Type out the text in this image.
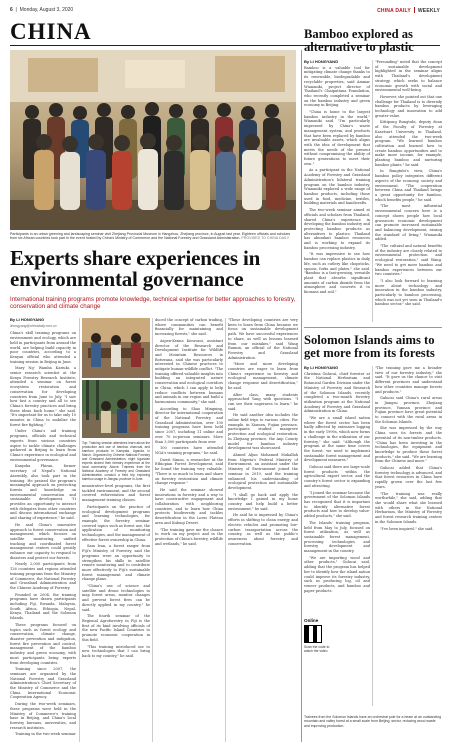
6  |  Monday, August 3, 2020	CHINA DAILY WEEKLY
CHINA
Participants in an urban greening and landscaping seminar visit Zhejiang Provincial Museum in Hangzhou, Zhejiang province, in August last year. Eighteen officials and scholars from six African countries took part in the event hosted by China's Ministry of Commerce and the National Forestry and Grassland Administration. PROVIDED TO CHINA DAILY
Experts share experiences in environmental governance
International training programs promote knowledge, technical expertise for better approaches to forestry, conservation and climate change
By LI HONGYANG
lihongyang@chinadaily.com.cn

China's skill training programs on environment and ecology, which are held in participants from around the world, are helping build capacity in poor countries, according to a Kenyan official who attended a training session in Beijing in June.

Mary Ng' Wamba Kariuki, a senior research scientist at the Kenya Forestry Research Institute, attended a seminar on forest ecosystem restoration and conservation for developing countries from June to July. "I saw how fast a country and all to see China's forestry practices and bring these ideas back home," she said. "It's important for us to take only 10 minutes in China to mobilize the forest fire fighting."

Under China's aid training programs, officials and technical experts from various countries aspire to tackle climate challenges gathered in Beijing to learn from China's experience in ecological and environmental governance.

Kanyeka Phiran, former secretary of Nepal's National Assembly, also took part in the training. He praised the program's meaningful approach on protecting forests and knowledge on environmental conservation and sustainable development. "It provides an opportunity to interact with delegates from other countries and discuss international exchange and sharing of experience," he said.

He said China's innovative approach to forest conservation and management, which focuses on satellite monitoring, unified tracking and coordinated forest management centers could greatly enhance our capacity to respond to disasters and protect our forests.

Nearly 2,000 participants from 126 countries and regions attended training programs from the Ministry of Commerce, the National Forestry and Grassland Administration and the Chinese Academy of Forestry.

Founded in 2004, the training programs have drawn participants including Fiji, Rwanda, Malaysia, South Africa, Ethiopia, Nepal, Kenya, Thailand and the Solomon Islands.

These programs focused on topics such as forest ecology and conservation, climate change, disaster prevention and mitigation, forest fire prevention and control, management of the bamboo industry and green economy, with most participants being experts from developing countries.

Training since 2007, the seminars are organized by the National Forestry and Grassland Administration's Chief Secretary of the Ministry of Commerce and the China International Economic Cooperation Agency.

During the two-week seminars, these programs were held in the Ministry of Commerce's training base in Beijing, and China's local forestry bureaus, universities, and research institutes.

Training in the two-week seminar

Top: Training session attendees learn about the production and use of bamboo charcoal, and bamboo products in Kampala, Uganda, in March. Organized by Chinese National Forestry and Grassland Administration, eight Ugandan experts shared their forestry experience at the local community. Above: Trainees from the National Academy of Forestry and Grassland Administration conduct a field trip exploring bamboo usage in Jiangsu province in June.

ministrative-level programs, the first tackled environment, and the second covered reforestation and forest management training classes.

Participants on the practice of ecological development programs and learning technologies, for example, the forestry seminar covered topics such as forest use, the application of monitoring technologies, and the management of effective forest ownership in China.

Sam Ivan, a forest ranger from Fiji's Ministry of Forestry, said the programs were an opportunity to strengthen his skills in satellite remote monitoring and to contribute more effectively to Fiji's sustainable forest management and climate change plans.

"China's use of science and satellite and drone technologies to map forest areas, monitor changes and prevent forest fires can be directly applied in my country," he said.

The fourth seminar of the Regional Agroforestry in Fiji is the first of its kind involving officials of the new Pacific Island Countries to promote economic cooperation in this field.

"This training introduced me to new technologies that I can bring back to my country," he said.

duced the concept of carbon trading, where communities can benefit financially for maintaining and increasing forests," she said.

Aspen-Kenna Keravani, assistant director of the Research and Development Institute for Wildlife and Mountain Resources in Botswana, said she was particularly interested in Chinese practices to mitigate human-wildlife conflict. "The training offered valuable insights into building an integrated nature conservation and ecological corridors in China, which I can apply to help reduce conflicts between humans and animals in our region and build a harmonious community," she said.

According to Shao Mingxing, director for international cooperation of the National Forestry and Grassland Administration, over 100 training programs have been held since 2007, including 11 online and over 70 in-person seminars. More than 3,000 participants from over

100 countries have attended NGA's training programs," he said.

Dawit Simon, a researcher at the Ethiopian Forest Development, said he found the training very valuable. "There is so much to learn and share on forestry restoration and climate change response."

He said the seminar showed innovations in forestry and a way to have constructive engagement and collaboration with neighboring countries, and to learn how China protects biodiversity and tackles desertification in the Loess Plateau area and Kubuqi Desert.

"The training gave me the chance to work on my project and in the protection of China's forestry, wildlife and wetlands," he said.

"These developing countries are very keen to learn from China because we focus on sustainable development path. We have successful experiences to share, as well as lessons learned from our mistakes," said Wang Ruimin, an official of the National Forestry and Grassland Administration.

"More and more developing countries are eager to learn from China's experience in forestry and ecological management, climate change response and desertification," he said.

After class, many students approached Yang with questions. "I can see their eagerness to learn," he said.

He said another idea includes the online field trips to various cities. For example, in Xiamen, Fujian province, participants studied mangrove protection and ecological restoration. In Zhejiang province, the Anji County model for bamboo industry development was showcased.

Ahmed Aljun Mohamed Mukallah from Nigeria's Federal Ministry of Environment, an assistant under the Ministry of Environment joined the seminar in 2019, said the training enhanced his understanding of ecological protection and sustainable development.

"I shall go back and apply the knowledge I gained in my home country and help build a better environment," he said.

He said he is impressed by China's efforts in shifting to clean energy and electric vehicles and promoting low-carbon transportation across the country, as well as the public's awareness about forestry and conservation.

Bamboo explored as alternative to plastic
By LI HONGYANG

Bamboo is a valuable tool for mitigating climate change thanks to its renewable, biodegradable and recyclable properties, said Ammar Wiananiki, project director of Thailand's Chaipattana Foundation, who recently completed a seminar on the bamboo industry and green economy in Beijing.

"China is home to the largest bamboo industry in the world," Wiananiki said. "I'm particularly impressed by China's waste management system, and products that have been replaced by bamboo are invaluable assets, which aligns with the idea of development that meets the needs of the present without compromising the ability of future generations to meet their own."

As a participant in the National Academy of Forestry and Grassland Administration's bilateral training program on the bamboo industry, Wiananiki explored a wide range of bamboo products, including those used in food, medicine, textiles, building materials and handicrafts.

The two-week seminar aimed at officials and scholars from Thailand, shared China's experience in developing the bamboo industry and protecting bamboo products as alternatives to plastics. Thailand has abundant bamboo resources and is working to expand its bamboo processing industry.

"It was impressive to see how bamboo can replace plastics in daily life, such as cutlery like chopsticks, spoons, forks and plates," she said. "Bamboo is a fast-growing, versatile plant that absorbs significant amounts of carbon dioxide from the atmosphere and converts it to biomass and soil."

"Persuading" noted that the concept of sustainable development highlighted in the seminar aligns with Thailand's development strategy, which seeks to balance economic growth with social and environmental well-being.

However, she pointed out that one challenge for Thailand is to diversify bamboo products by leveraging technology and innovation to add greater value.

Kittipong Rungtubi, deputy dean of the Faculty of Forestry at Kasetsart University in Thailand, also attended the two-week program. "We learned bamboo cultivation and learned how to create bamboo opportunities and to make more income, for example, planting bamboo and nurturing bamboo plants," he said.

In Rungtubi's view, China's bamboo policy integrates different aspects of the economy, society and environment. "The cooperation between China and Thailand brings a great opportunity for bamboo, which benefits people," he said.

"The most influential environmental concern here is a concept shows people how local grassroots economic development can promote increased sustainable and balancing development, raising the standard of living," Wiananiki added.

"The cultural and natural benefits of the industry are closely related to environmental protection and ecological restoration," said Wang. "We need to get more bamboo and bamboo experiences between our two countries."

"I also look forward to learning more about technology and innovation in the bamboo industry, particularly to bamboo processing, which was not yet seen in Thailand's bamboo sector," she said.

Solomon Islands aims to get more from its forests
By LI HONGYANG

Christina Gulucai, chief forester at the National Herbarium and Botanical Garden Division under the Ministry of Forestry and Research of the Solomon Islands, recently completed a two-month forestry utilization program at the National Academy of Forestry and Grassland Administration in China.

"We are a small island nation where the forest sector has been badly affected by extensive logging in the early 1990s, which now forms a challenge in the utilization of our forestry," she said. "Although the program at the same time covers the forest, we need to implement sustainable forest management and development measures."

Gulucai said there are large-scale forest products within the agricultural export sector, and the country's forest sector is expanding and attracting.

"I joined the seminar because the government of the Solomon Islands has recognized that it is important to identify alternative forest products and how to develop value-added products," she said.

The Islands' training program, held from May to July, focused on forest utilization, as well as sustainable forest management, processing technologies and forestry development and management in the country.

"We are importing wood and other products," Gulucai said, adding that the program has helped her to identify how the island nation could improve its forestry industry, such as producing log, oil and veneer products, and bamboo and paper products.

"The training gave me a broader view of our forestry industry," she said. "It gave us the chance to visit different provinces and understand how other countries manage forests and products."

Gulucai said China's rural areas in Jiangsu province, Zhejiang province, Yunnan province and Fujian province have great potential to connect with the rural areas in the Solomon Islands.

She was impressed by the way China uses its forests and the potential of its non-timber products. "China has been investing in the technologies, the equipment and knowledge to produce these forest products," she said. "We are learning from the Chinese and more."

Gulucai added that China's forestry technology is advanced, and that forest resources in China have rapidly grown over the last few years.

"The training was really worthwhile," she said, adding that she would share what she learned with others in the National Herbarium, the Ministry of Forestry and forest research training centers in the Solomon Islands.

"I've been inspired," she said.

Online
Scan the code to watch the video
Trainees from the Solomon Islands have an orchestral pole for a beam at an outstanding mountain and valley forest at a small scale from Beijing, sector, reducing wood waste and improving production.
